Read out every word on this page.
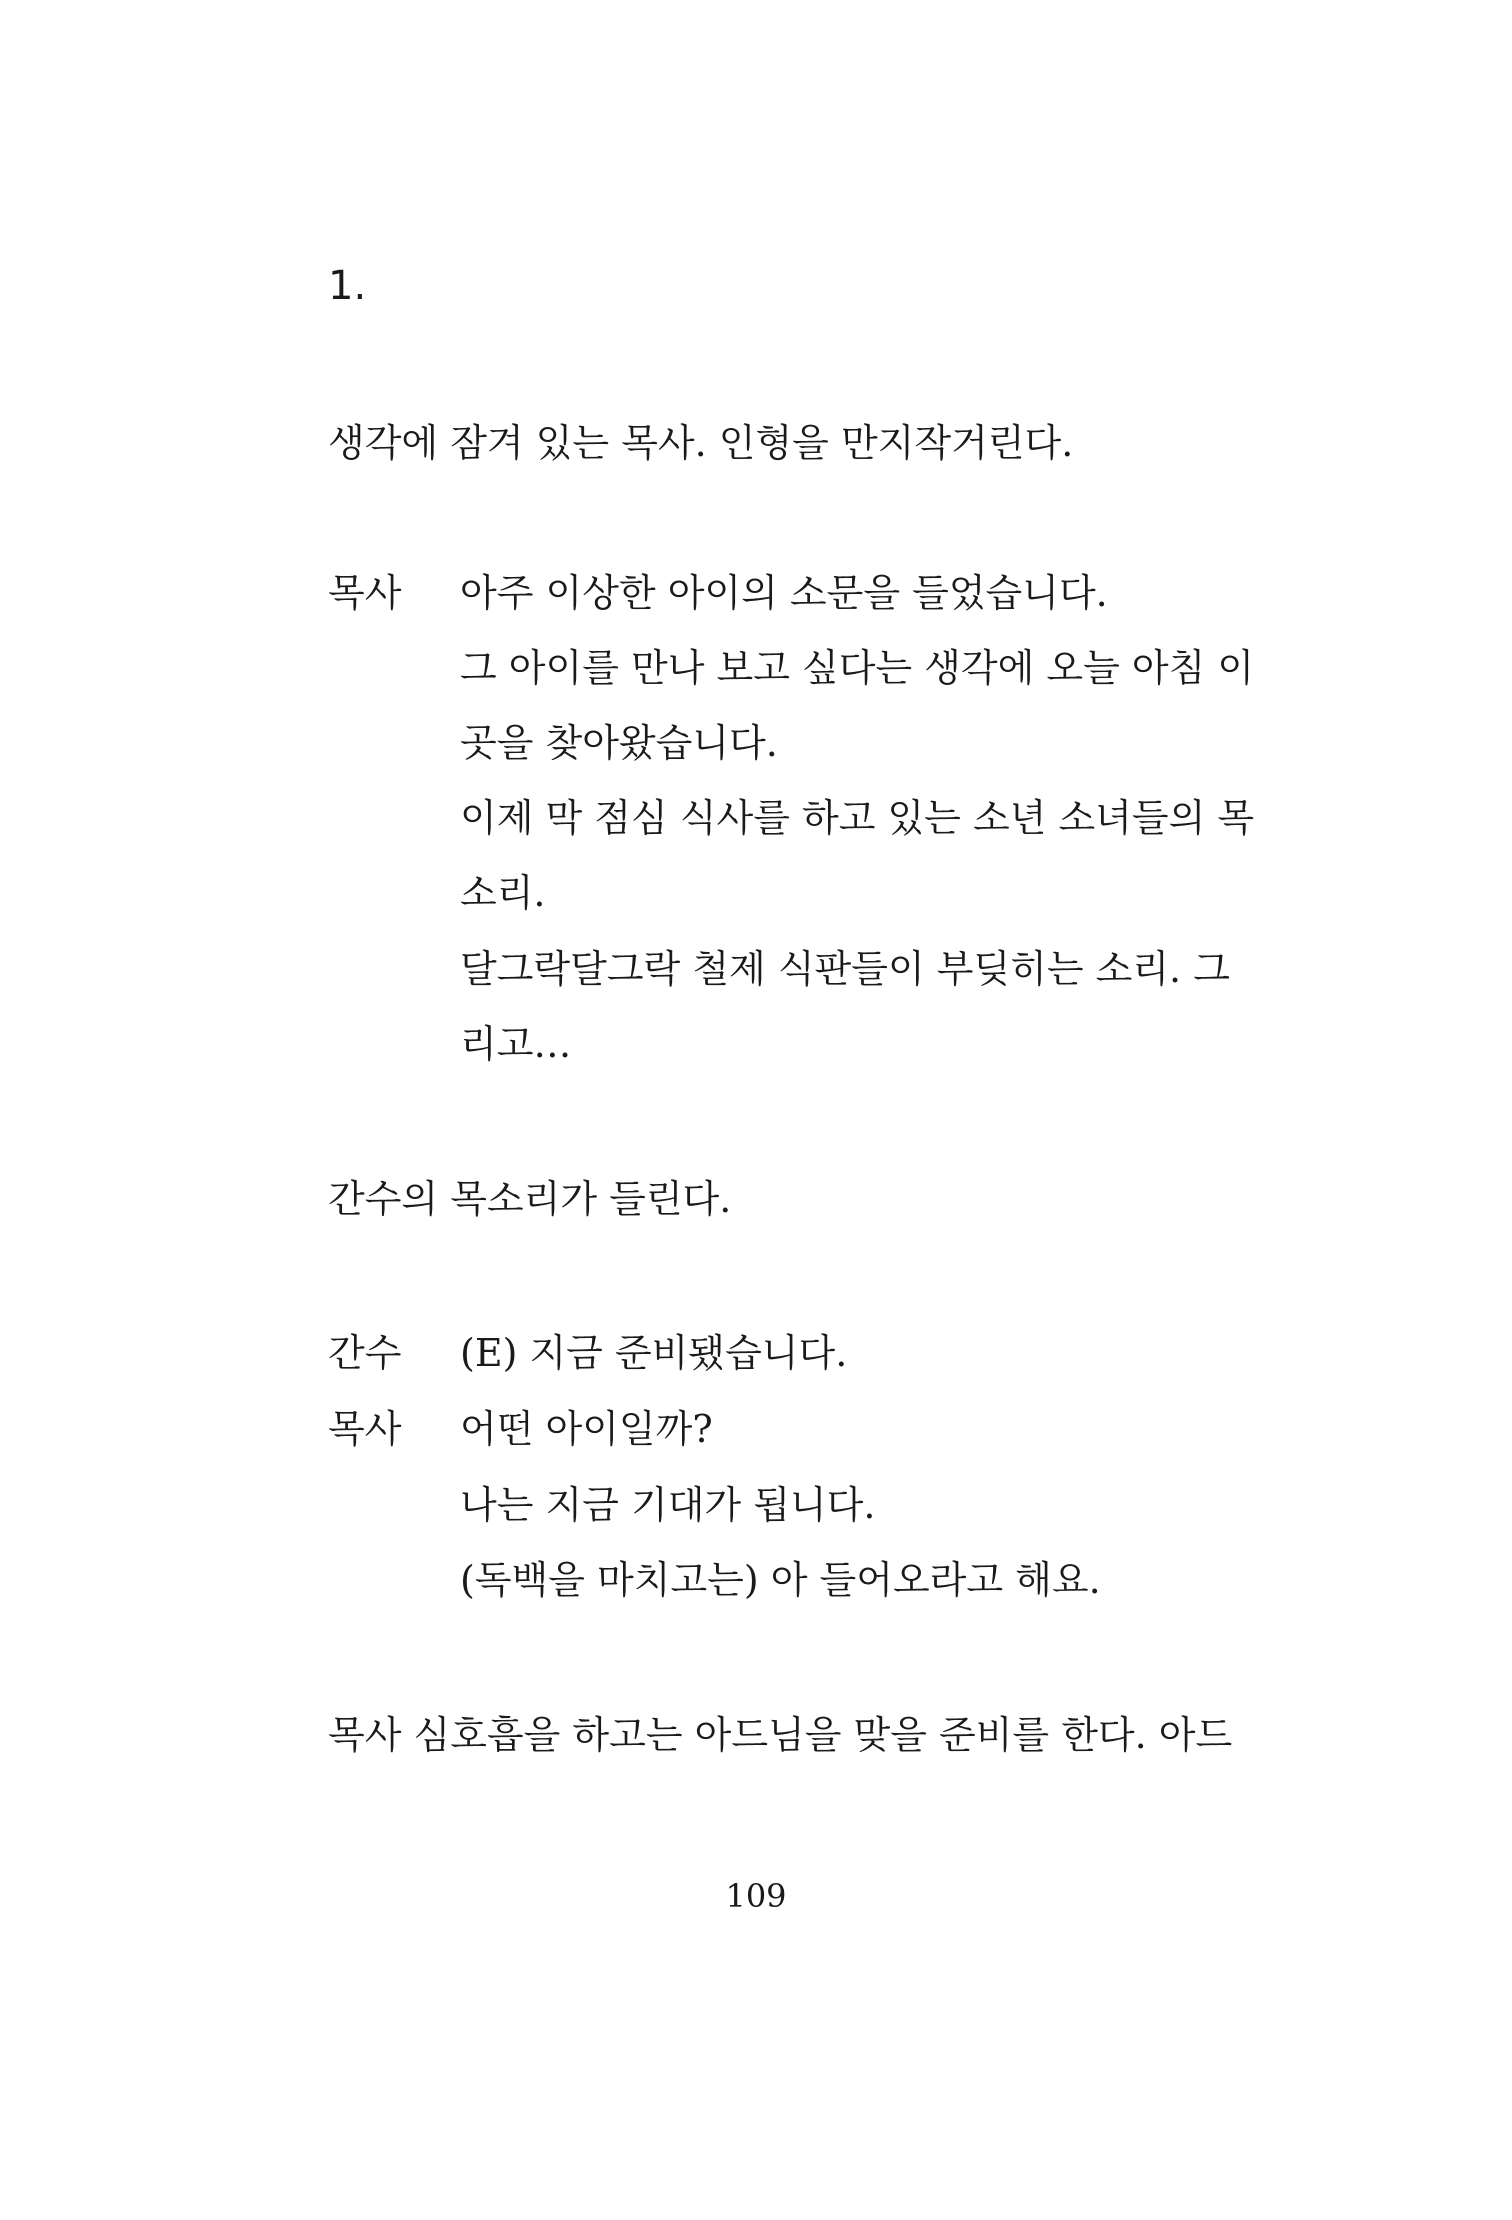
1.

생각에 잠겨 있는 목사. 인형을 만지작거린다.

목사 아주 이상한 아이의 소문을 들었습니다.

그 아이를 만나 보고 싶다는 생각에 오늘 아침 이

곳을 찾아왔습니다.

이제 막 점심 식사를 하고 있는 소년 소녀들의 목

소리.

달그락달그락 철제 식판들이 부딪히는 소리. 그

리고…

간수의 목소리가 들린다.

간수 (E) 지금 준비됐습니다.

목사 어떤 아이일까?

나는 지금 기대가 됩니다.

(독백을 마치고는) 아 들어오라고 해요.

목사 심호흡을 하고는 아드님을 맞을 준비를 한다. 아드

109
